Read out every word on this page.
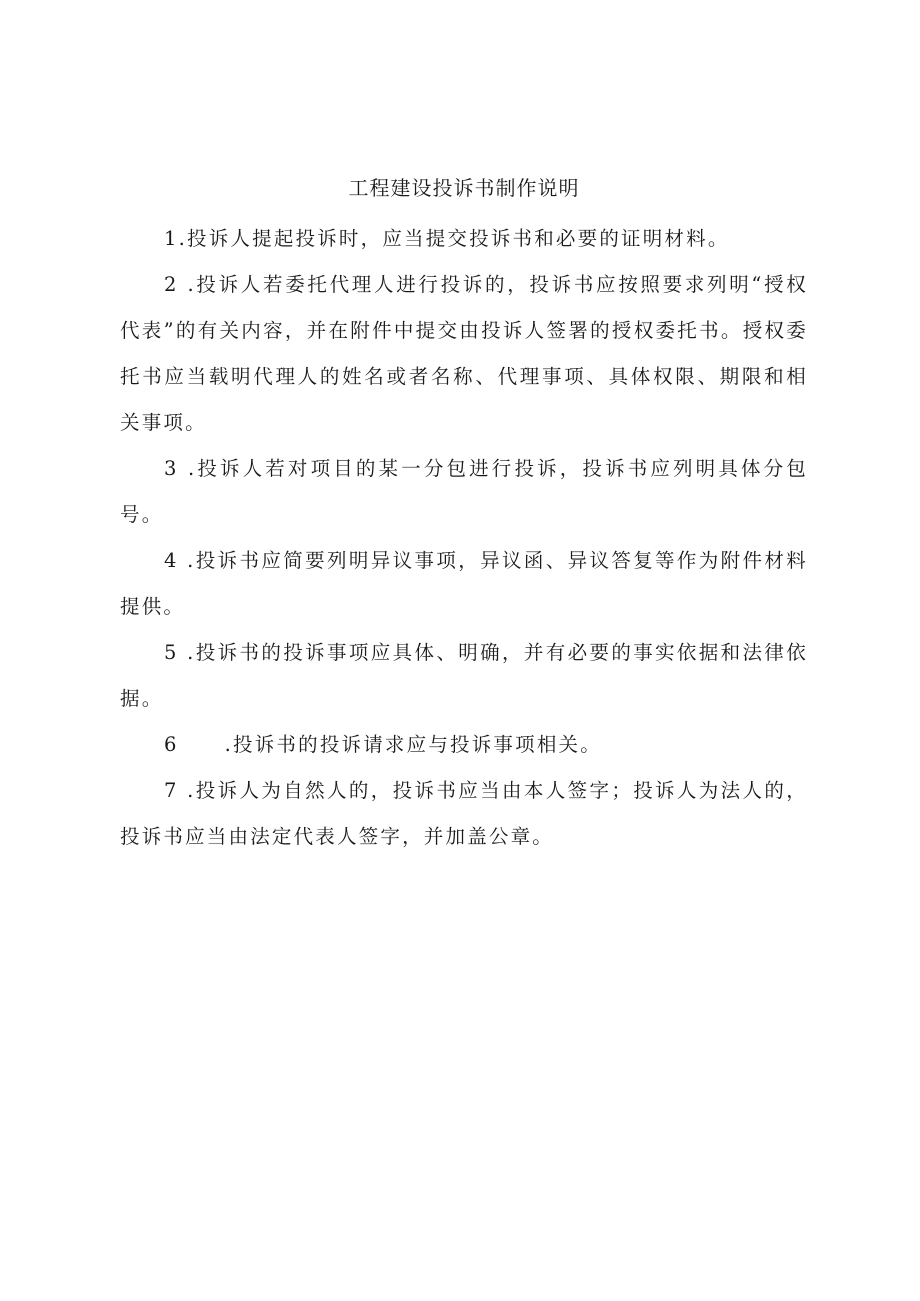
工程建设投诉书制作说明

1.投诉人提起投诉时，应当提交投诉书和必要的证明材料。

2 .投诉人若委托代理人进行投诉的，投诉书应按照要求列明“授权代表”的有关内容，并在附件中提交由投诉人签署的授权委托书。授权委托书应当载明代理人的姓名或者名称、代理事项、具体权限、期限和相关事项。

3 .投诉人若对项目的某一分包进行投诉，投诉书应列明具体分包号。

4 .投诉书应简要列明异议事项，异议函、异议答复等作为附件材料提供。

5 .投诉书的投诉事项应具体、明确，并有必要的事实依据和法律依据。

6 .投诉书的投诉请求应与投诉事项相关。

7 .投诉人为自然人的，投诉书应当由本人签字；投诉人为法人的，投诉书应当由法定代表人签字，并加盖公章。
